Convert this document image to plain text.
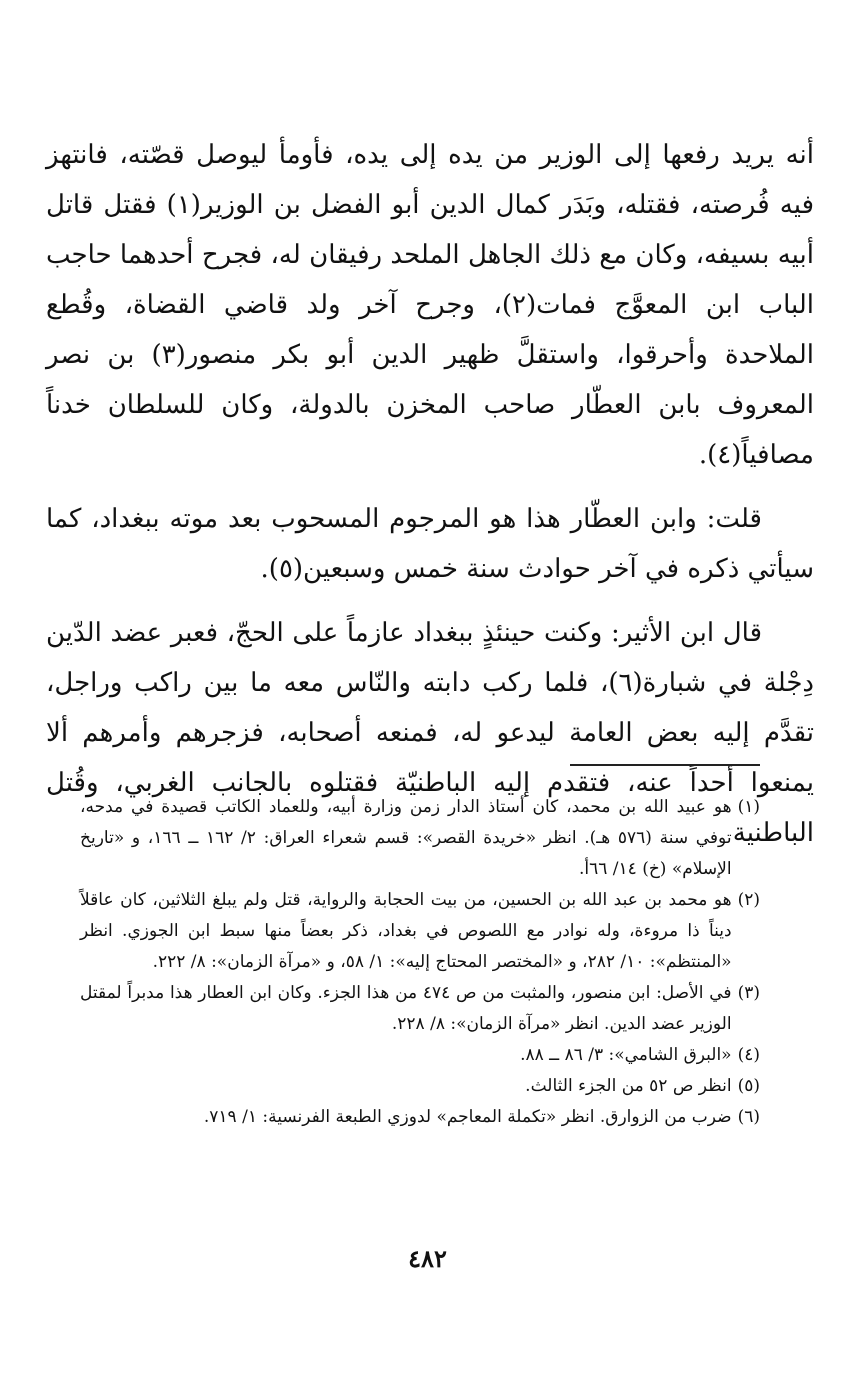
أنه يريد رفعها إلى الوزير من يده إلى يده، فأومأ ليوصل قصّته، فانتهز فيه فُرصته، فقتله، وبَدَر كمال الدين أبو الفضل بن الوزير(١) فقتل قاتل أبيه بسيفه، وكان مع ذلك الجاهل الملحد رفيقان له، فجرح أحدهما حاجب الباب ابن المعوَّج فمات(٢)، وجرح آخر ولد قاضي القضاة، وقُطع الملاحدة وأحرقوا، واستقلَّ ظهير الدين أبو بكر منصور(٣) بن نصر المعروف بابن العطّار صاحب المخزن بالدولة، وكان للسلطان خدناً مصافياً(٤).

قلت: وابن العطّار هذا هو المرجوم المسحوب بعد موته ببغداد، كما سيأتي ذكره في آخر حوادث سنة خمس وسبعين(٥).

قال ابن الأثير: وكنت حينئذٍ ببغداد عازماً على الحجّ، فعبر عضد الدّين دِجْلة في شبارة(٦)، فلما ركب دابته والنّاس معه ما بين راكب وراجل، تقدَّم إليه بعض العامة ليدعو له، فمنعه أصحابه، فزجرهم وأمرهم ألا يمنعوا أحداً عنه، فتقدم إليه الباطنيّة فقتلوه بالجانب الغربي، وقُتل الباطنية

(١)
هو عبيد الله بن محمد، كان أستاذ الدار زمن وزارة أبيه، وللعماد الكاتب قصيدة في مدحه، توفي سنة (٥٧٦ هـ). انظر «خريدة القصر»: قسم شعراء العراق: ٢/ ١٦٢ ــ ١٦٦، و «تاريخ الإسلام» (خ) ١٤/ ٦٦أ.
(٢)
هو محمد بن عبد الله بن الحسين، من بيت الحجابة والرواية، قتل ولم يبلغ الثلاثين، كان عاقلاً ديناً ذا مروءة، وله نوادر مع اللصوص في بغداد، ذكر بعضاً منها سبط ابن الجوزي. انظر «المنتظم»: ١٠/ ٢٨٢، و «المختصر المحتاج إليه»: ١/ ٥٨، و «مرآة الزمان»: ٨/ ٢٢٢.
(٣)
في الأصل: ابن منصور، والمثبت من ص ٤٧٤ من هذا الجزء. وكان ابن العطار هذا مدبراً لمقتل الوزير عضد الدين. انظر «مرآة الزمان»: ٨/ ٢٢٨.
(٤)
«البرق الشامي»: ٣/ ٨٦ ــ ٨٨.
(٥)
انظر ص ٥٢ من الجزء الثالث.
(٦)
ضرب من الزوارق. انظر «تكملة المعاجم» لدوزي الطبعة الفرنسية: ١/ ٧١٩.
٤٨٢
